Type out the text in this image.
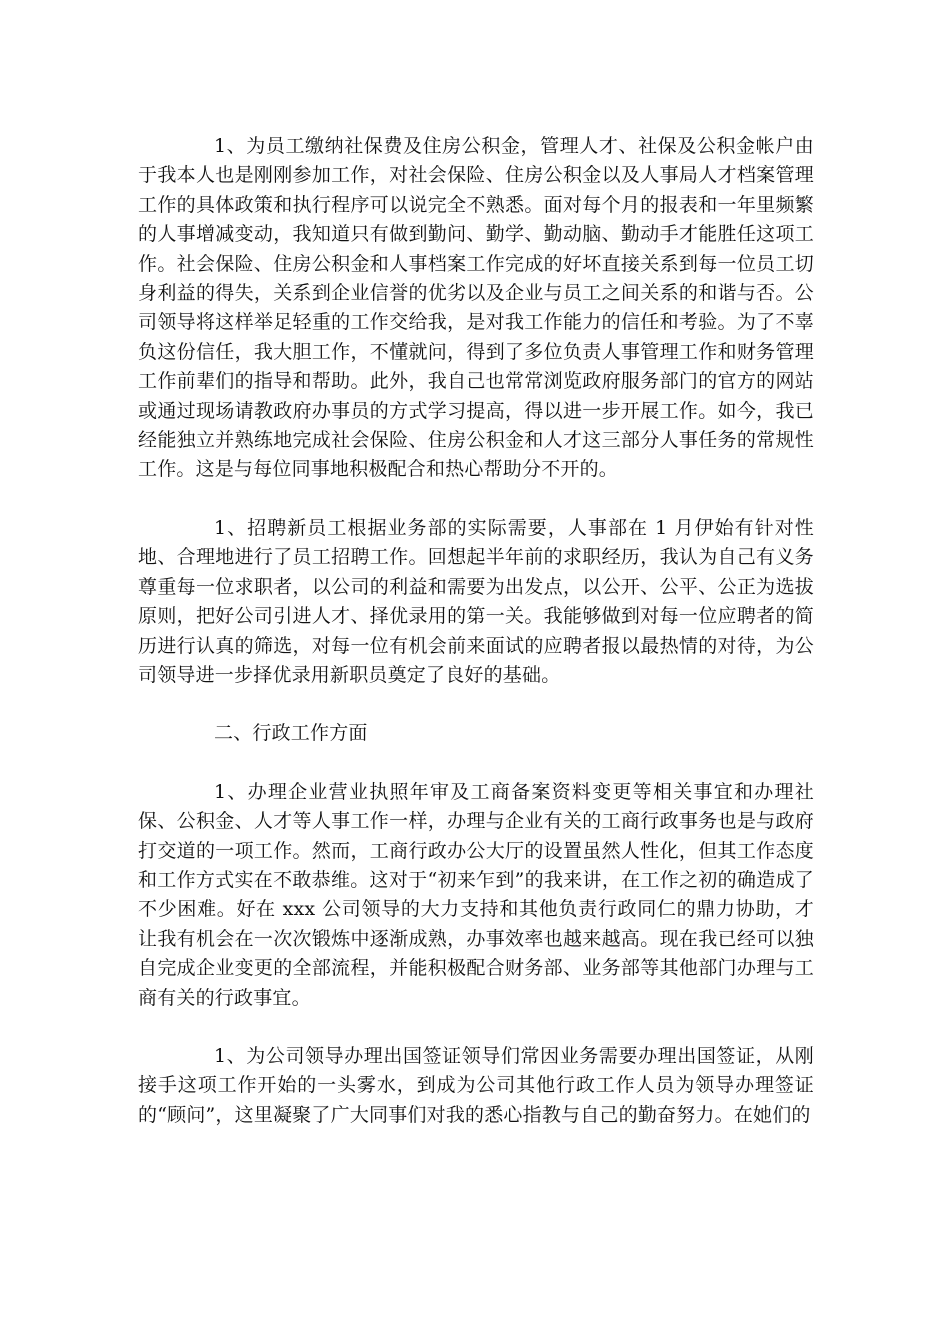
1、为员工缴纳社保费及住房公积金，管理人才、社保及公积金帐户由于我本人也是刚刚参加工作，对社会保险、住房公积金以及人事局人才档案管理工作的具体政策和执行程序可以说完全不熟悉。面对每个月的报表和一年里频繁的人事增减变动，我知道只有做到勤问、勤学、勤动脑、勤动手才能胜任这项工作。社会保险、住房公积金和人事档案工作完成的好坏直接关系到每一位员工切身利益的得失，关系到企业信誉的优劣以及企业与员工之间关系的和谐与否。公司领导将这样举足轻重的工作交给我，是对我工作能力的信任和考验。为了不辜负这份信任，我大胆工作，不懂就问，得到了多位负责人事管理工作和财务管理工作前辈们的指导和帮助。此外，我自己也常常浏览政府服务部门的官方的网站或通过现场请教政府办事员的方式学习提高，得以进一步开展工作。如今，我已经能独立并熟练地完成社会保险、住房公积金和人才这三部分人事任务的常规性工作。这是与每位同事地积极配合和热心帮助分不开的。

1、招聘新员工根据业务部的实际需要，人事部在 1 月伊始有针对性地、合理地进行了员工招聘工作。回想起半年前的求职经历，我认为自己有义务尊重每一位求职者，以公司的利益和需要为出发点，以公开、公平、公正为选拔原则，把好公司引进人才、择优录用的第一关。我能够做到对每一位应聘者的简历进行认真的筛选，对每一位有机会前来面试的应聘者报以最热情的对待，为公司领导进一步择优录用新职员奠定了良好的基础。

二、行政工作方面

1、办理企业营业执照年审及工商备案资料变更等相关事宜和办理社保、公积金、人才等人事工作一样，办理与企业有关的工商行政事务也是与政府打交道的一项工作。然而，工商行政办公大厅的设置虽然人性化，但其工作态度和工作方式实在不敢恭维。这对于“初来乍到”的我来讲，在工作之初的确造成了不少困难。好在 xxx 公司领导的大力支持和其他负责行政同仁的鼎力协助，才让我有机会在一次次锻炼中逐渐成熟，办事效率也越来越高。现在我已经可以独自完成企业变更的全部流程，并能积极配合财务部、业务部等其他部门办理与工商有关的行政事宜。

1、为公司领导办理出国签证领导们常因业务需要办理出国签证，从刚接手这项工作开始的一头雾水，到成为公司其他行政工作人员为领导办理签证的“顾问”，这里凝聚了广大同事们对我的悉心指教与自己的勤奋努力。在她们的
